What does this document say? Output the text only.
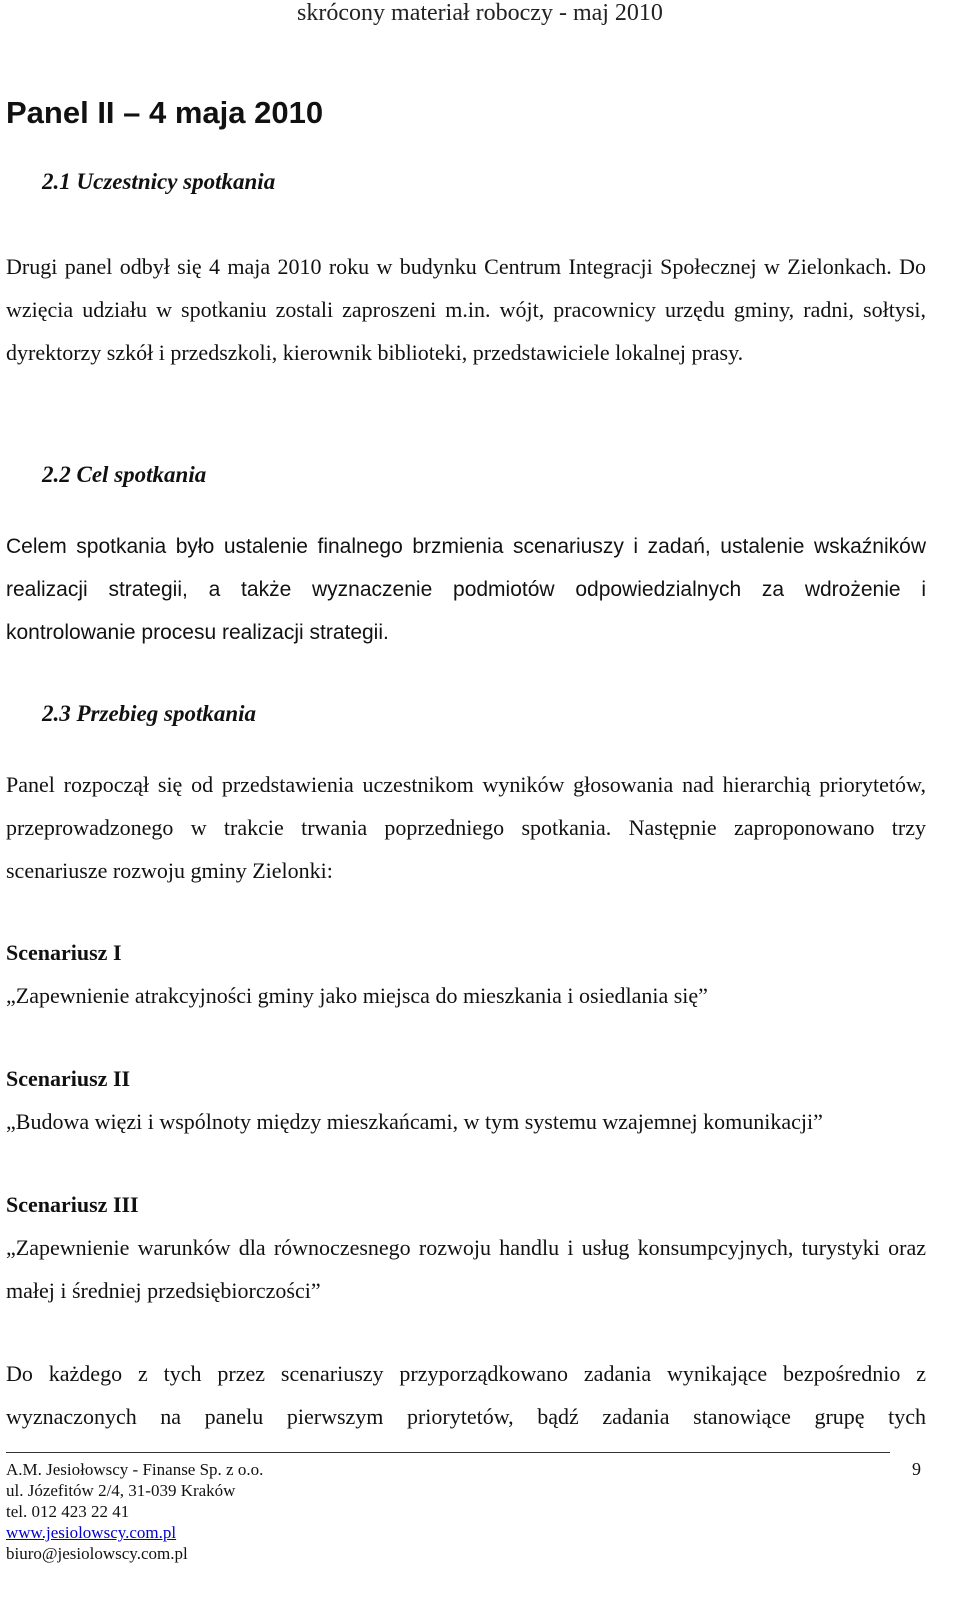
skrócony materiał roboczy - maj 2010
Panel II – 4 maja 2010
2.1 Uczestnicy spotkania

Drugi panel odbył się 4 maja 2010 roku w budynku Centrum Integracji Społecznej w Zielonkach. Do wzięcia udziału w spotkaniu zostali zaproszeni m.in. wójt, pracownicy urzędu gminy, radni, sołtysi, dyrektorzy szkół i przedszkoli, kierownik biblioteki, przedstawiciele lokalnej prasy.

2.2 Cel spotkania

Celem spotkania było ustalenie finalnego brzmienia scenariuszy i zadań, ustalenie wskaźników realizacji strategii, a także wyznaczenie podmiotów odpowiedzialnych za wdrożenie i kontrolowanie procesu realizacji strategii.

2.3 Przebieg spotkania

Panel rozpoczął się od przedstawienia uczestnikom wyników głosowania nad hierarchią priorytetów, przeprowadzonego w trakcie trwania poprzedniego spotkania. Następnie zaproponowano trzy scenariusze rozwoju gminy Zielonki:

Scenariusz I

„Zapewnienie atrakcyjności gminy jako miejsca do mieszkania i osiedlania się”

Scenariusz II

„Budowa więzi i wspólnoty między mieszkańcami, w tym systemu wzajemnej komunikacji”

Scenariusz III

„Zapewnienie warunków dla równoczesnego rozwoju handlu i usług konsumpcyjnych, turystyki oraz małej i średniej przedsiębiorczości”

Do każdego z tych przez scenariuszy przyporządkowano zadania wynikające bezpośrednio z wyznaczonych na panelu pierwszym priorytetów, bądź zadania stanowiące grupę tych

A.M. Jesiołowscy - Finanse Sp. z o.o.
ul. Józefitów 2/4, 31-039 Kraków
tel. 012 423 22 41
www.jesiolowscy.com.pl
biuro@jesiolowscy.com.pl
9
